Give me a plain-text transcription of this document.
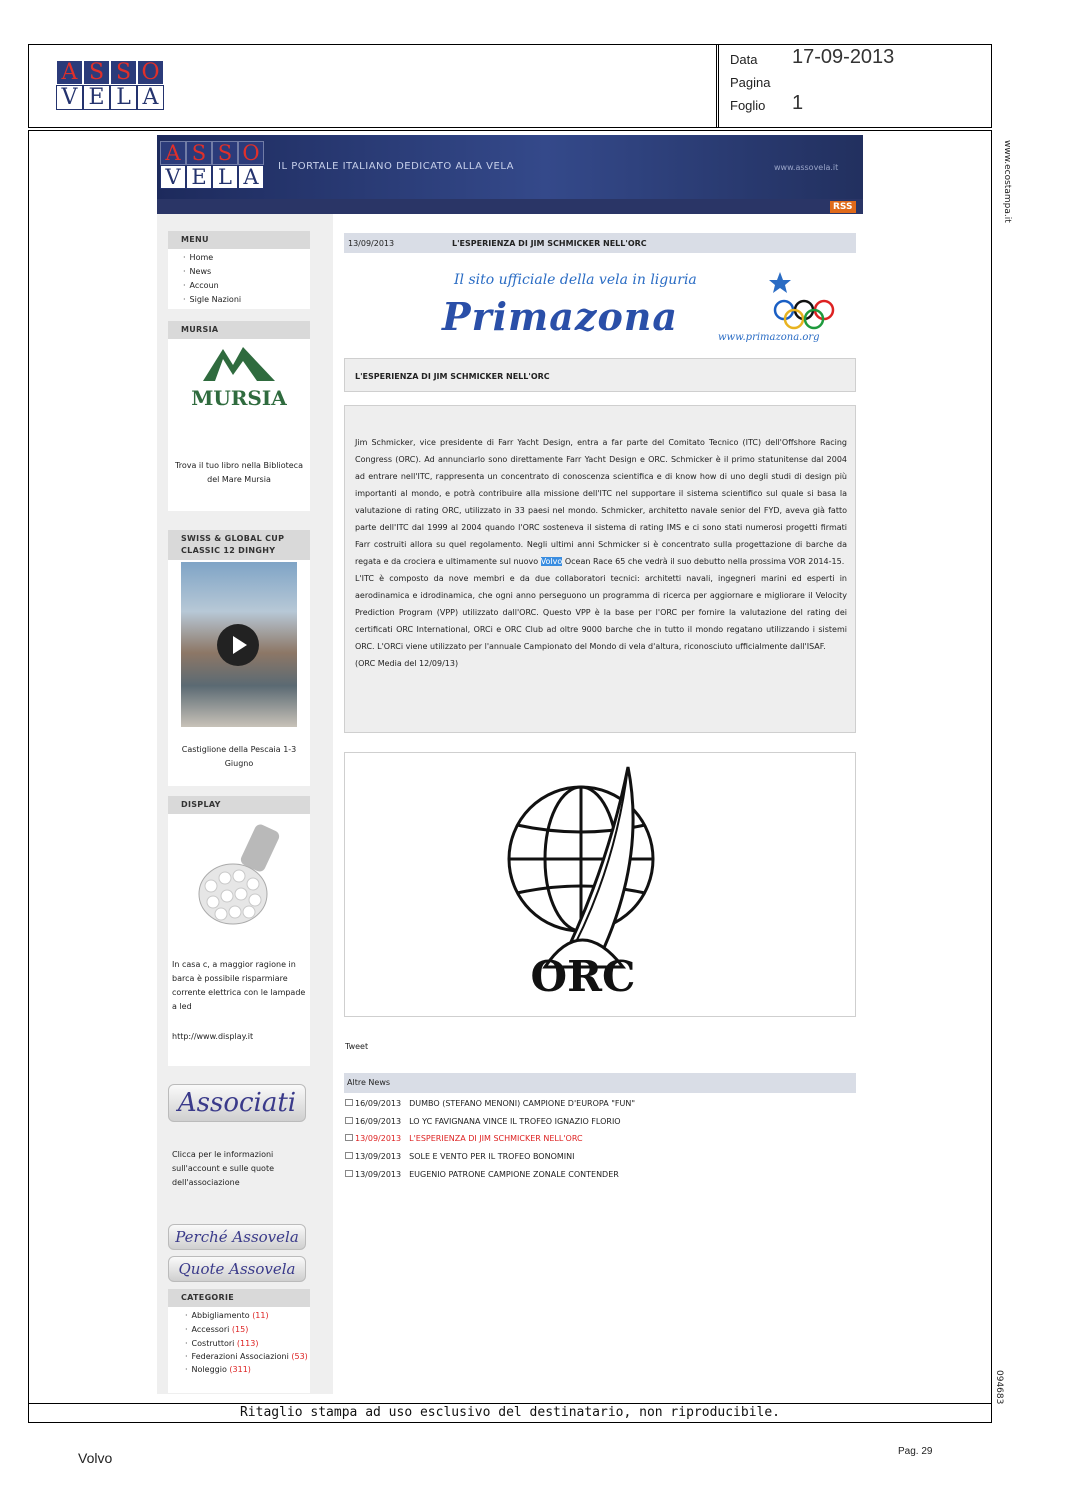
A S S O
V E L A
Data 17-09-2013
Pagina
Foglio 1
A S S O
V E L A	IL PORTALE ITALIANO DEDICATO ALLA VELA	www.assovela.it
RSS
MENU
· Home
· News
· Accoun
· Sigle Nazioni
MURSIA
MURSIA
Trova il tuo libro nella Biblioteca del Mare Mursia
SWISS & GLOBAL CUP CLASSIC 12 DINGHY
Castiglione della Pescaia 1-3 Giugno
DISPLAY
In casa c, a maggior ragione in barca è possibile risparmiare corrente elettrica con le lampade a led
http://www.display.it
Associati
Clicca per le informazioni sull'account e sulle quote dell'associazione
Perché Assovela
Quote Assovela
CATEGORIE
· Abbigliamento (11)
· Accessori (15)
· Costruttori (113)
· Federazioni Associazioni (53)
· Noleggio (311)
13/09/2013	L'ESPERIENZA DI JIM SCHMICKER NELL'ORC
Il sito ufficiale della vela in liguria
Primazona	www.primazona.org
L'ESPERIENZA DI JIM SCHMICKER NELL'ORC

Jim Schmicker, vice presidente di Farr Yacht Design, entra a far parte del Comitato Tecnico (ITC) dell'Offshore Racing Congress (ORC). Ad annunciarlo sono direttamente Farr Yacht Design e ORC. Schmicker è il primo statunitense dal 2004 ad entrare nell'ITC, rappresenta un concentrato di conoscenza scientifica e di know how di uno degli studi di design più importanti al mondo, e potrà contribuire alla missione dell'ITC nel supportare il sistema scientifico sul quale si basa la valutazione di rating ORC, utilizzato in 33 paesi nel mondo. Schmicker, architetto navale senior del FYD, aveva già fatto parte dell'ITC dal 1999 al 2004 quando l'ORC sosteneva il sistema di rating IMS e ci sono stati numerosi progetti firmati Farr costruiti allora su quel regolamento. Negli ultimi anni Schmicker si è concentrato sulla progettazione di barche da regata e da crociera e ultimamente sul nuovo Volvo Ocean Race 65 che vedrà il suo debutto nella prossima VOR 2014-15.

L'ITC è composto da nove membri e da due collaboratori tecnici: architetti navali, ingegneri marini ed esperti in aerodinamica e idrodinamica, che ogni anno perseguono un programma di ricerca per aggiornare e migliorare il Velocity Prediction Program (VPP) utilizzato dall'ORC. Questo VPP è la base per l'ORC per fornire la valutazione del rating dei certificati ORC International, ORCi e ORC Club ad oltre 9000 barche che in tutto il mondo regatano utilizzando i sistemi ORC. L'ORCi viene utilizzato per l'annuale Campionato del Mondo di vela d'altura, riconosciuto ufficialmente dall'ISAF.

(ORC Media del 12/09/13)

ORC
Tweet
Altre News
16/09/2013 DUMBO (STEFANO MENONI) CAMPIONE D'EUROPA "FUN"
16/09/2013 LO YC FAVIGNANA VINCE IL TROFEO IGNAZIO FLORIO
13/09/2013 L'ESPERIENZA DI JIM SCHMICKER NELL'ORC
13/09/2013 SOLE E VENTO PER IL TROFEO BONOMINI
13/09/2013 EUGENIO PATRONE CAMPIONE ZONALE CONTENDER
Ritaglio stampa ad uso esclusivo del destinatario, non riproducibile.
www.ecostampa.it
094683
Volvo	Pag. 29
